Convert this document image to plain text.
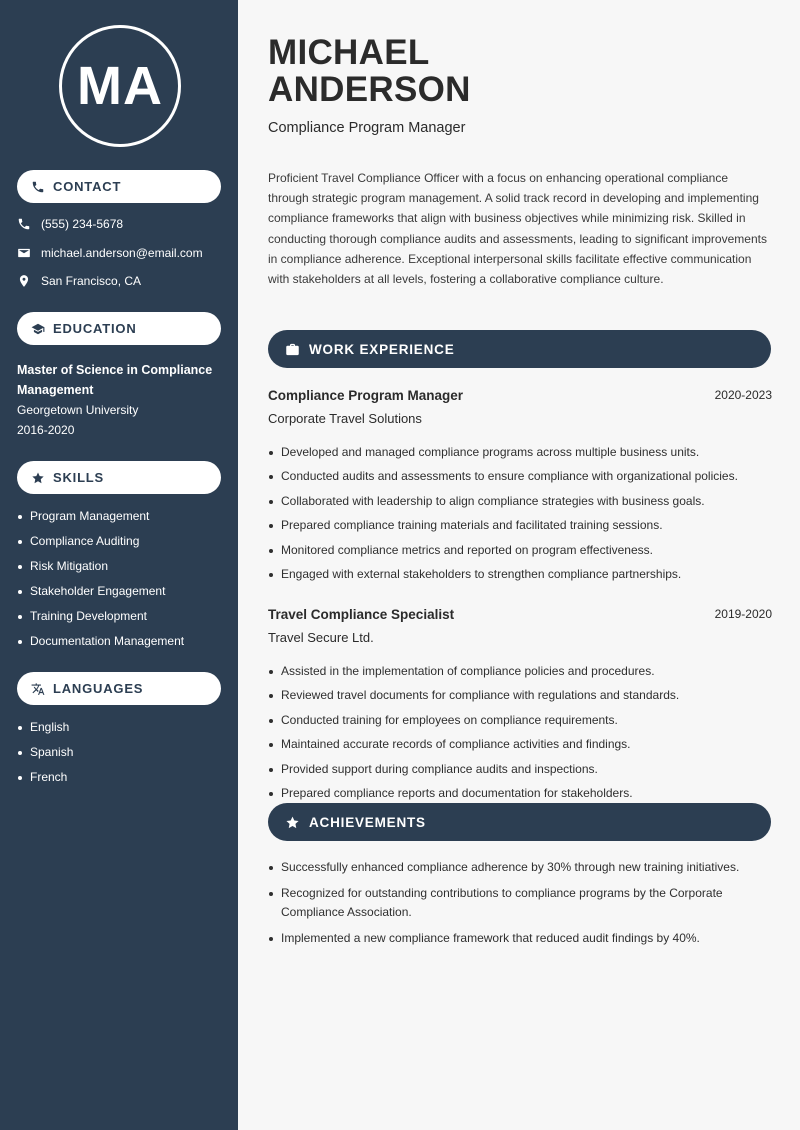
MA
CONTACT
(555) 234-5678
michael.anderson@email.com
San Francisco, CA
EDUCATION
Master of Science in Compliance Management
Georgetown University
2016-2020
SKILLS
Program Management
Compliance Auditing
Risk Mitigation
Stakeholder Engagement
Training Development
Documentation Management
LANGUAGES
English
Spanish
French
MICHAEL
ANDERSON
Compliance Program Manager
Proficient Travel Compliance Officer with a focus on enhancing operational compliance through strategic program management. A solid track record in developing and implementing compliance frameworks that align with business objectives while minimizing risk. Skilled in conducting thorough compliance audits and assessments, leading to significant improvements in compliance adherence. Exceptional interpersonal skills facilitate effective communication with stakeholders at all levels, fostering a collaborative compliance culture.
WORK EXPERIENCE
Compliance Program Manager	2020-2023
Corporate Travel Solutions
Developed and managed compliance programs across multiple business units.
Conducted audits and assessments to ensure compliance with organizational policies.
Collaborated with leadership to align compliance strategies with business goals.
Prepared compliance training materials and facilitated training sessions.
Monitored compliance metrics and reported on program effectiveness.
Engaged with external stakeholders to strengthen compliance partnerships.
Travel Compliance Specialist	2019-2020
Travel Secure Ltd.
Assisted in the implementation of compliance policies and procedures.
Reviewed travel documents for compliance with regulations and standards.
Conducted training for employees on compliance requirements.
Maintained accurate records of compliance activities and findings.
Provided support during compliance audits and inspections.
Prepared compliance reports and documentation for stakeholders.
ACHIEVEMENTS
Successfully enhanced compliance adherence by 30% through new training initiatives.
Recognized for outstanding contributions to compliance programs by the Corporate Compliance Association.
Implemented a new compliance framework that reduced audit findings by 40%.
